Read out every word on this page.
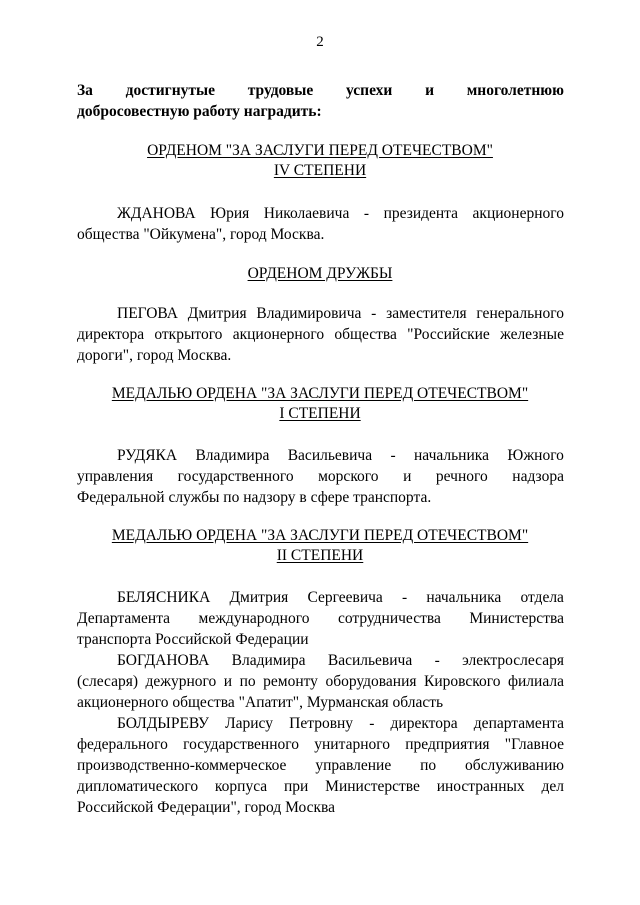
2
За достигнутые трудовые успехи и многолетнюю
добросовестную работу наградить:
ОРДЕНОМ "ЗА ЗАСЛУГИ ПЕРЕД ОТЕЧЕСТВОМ"
IV СТЕПЕНИ
ЖДАНОВА Юрия Николаевича - президента акционерного
общества "Ойкумена", город Москва.
ОРДЕНОМ ДРУЖБЫ
ПЕГОВА Дмитрия Владимировича - заместителя генерального
директора открытого акционерного общества "Российские железные
дороги", город Москва.
МЕДАЛЬЮ ОРДЕНА "ЗА ЗАСЛУГИ ПЕРЕД ОТЕЧЕСТВОМ"
I СТЕПЕНИ
РУДЯКА Владимира Васильевича - начальника Южного
управления государственного морского и речного надзора
Федеральной службы по надзору в сфере транспорта.
МЕДАЛЬЮ ОРДЕНА "ЗА ЗАСЛУГИ ПЕРЕД ОТЕЧЕСТВОМ"
II СТЕПЕНИ
БЕЛЯСНИКА Дмитрия Сергеевича - начальника отдела
Департамента международного сотрудничества Министерства
транспорта Российской Федерации
БОГДАНОВА Владимира Васильевича - электрослесаря
(слесаря) дежурного и по ремонту оборудования Кировского филиала
акционерного общества "Апатит", Мурманская область
БОЛДЫРЕВУ Ларису Петровну - директора департамента
федерального государственного унитарного предприятия "Главное
производственно-коммерческое управление по обслуживанию
дипломатического корпуса при Министерстве иностранных дел
Российской Федерации", город Москва
